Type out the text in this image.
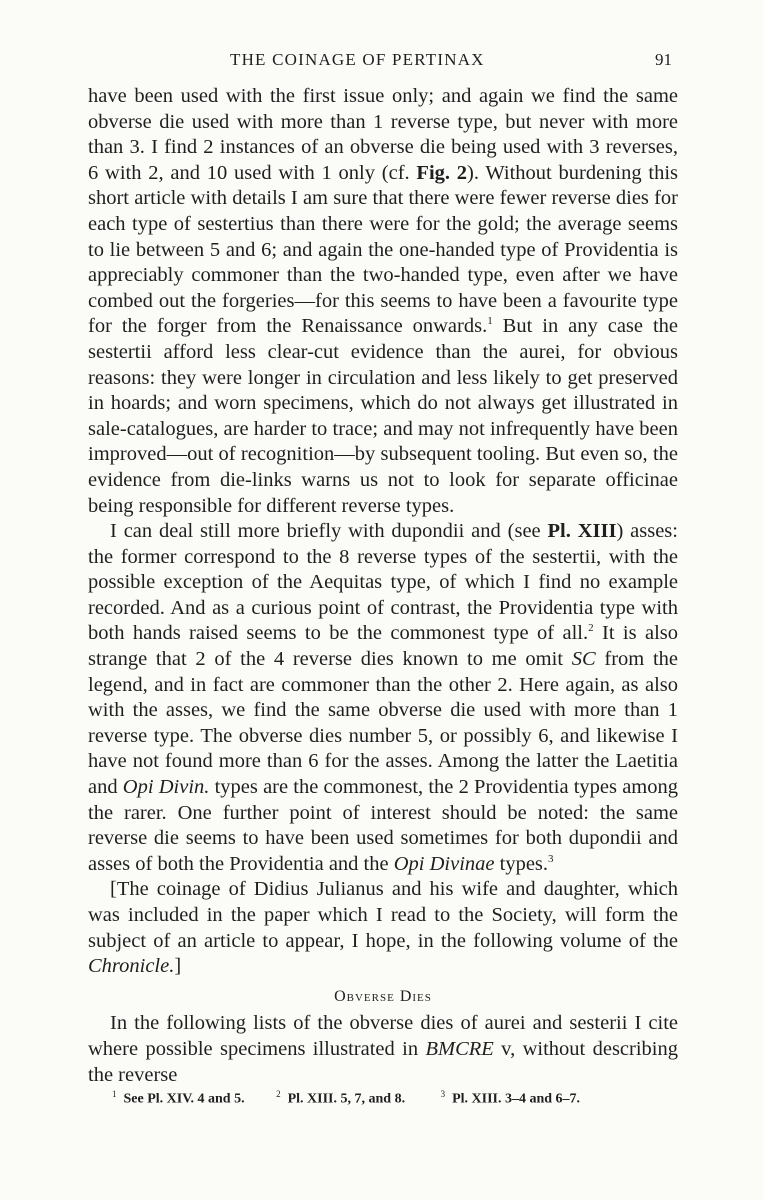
THE COINAGE OF PERTINAX	91

have been used with the first issue only; and again we find the same obverse die used with more than 1 reverse type, but never with more than 3. I find 2 instances of an obverse die being used with 3 reverses, 6 with 2, and 10 used with 1 only (cf. Fig. 2). Without burdening this short article with details I am sure that there were fewer reverse dies for each type of sestertius than there were for the gold; the average seems to lie between 5 and 6; and again the one-handed type of Providentia is appreciably commoner than the two-handed type, even after we have combed out the forgeries—for this seems to have been a favourite type for the forger from the Renaissance onwards.$^1$ But in any case the sestertii afford less clear-cut evidence than the aurei, for obvious reasons: they were longer in circulation and less likely to get preserved in hoards; and worn specimens, which do not always get illustrated in sale-catalogues, are harder to trace; and may not infrequently have been improved—out of recognition—by subsequent tooling. But even so, the evidence from die-links warns us not to look for separate officinae being responsible for different reverse types.

I can deal still more briefly with dupondii and (see Pl. XIII) asses: the former correspond to the 8 reverse types of the sestertii, with the possible exception of the Aequitas type, of which I find no example recorded. And as a curious point of contrast, the Providentia type with both hands raised seems to be the commonest type of all.$^2$ It is also strange that 2 of the 4 reverse dies known to me omit SC from the legend, and in fact are commoner than the other 2. Here again, as also with the asses, we find the same obverse die used with more than 1 reverse type. The obverse dies number 5, or possibly 6, and likewise I have not found more than 6 for the asses. Among the latter the Laetitia and Opi Divin. types are the commonest, the 2 Providentia types among the rarer. One further point of interest should be noted: the same reverse die seems to have been used sometimes for both dupondii and asses of both the Providentia and the Opi Divinae types.$^3$

[The coinage of Didius Julianus and his wife and daughter, which was included in the paper which I read to the Society, will form the subject of an article to appear, I hope, in the following volume of the Chronicle.]

Obverse Dies

In the following lists of the obverse dies of aurei and sesterii I cite where possible specimens illustrated in BMCRE v, without describing the reverse

$^1$ See Pl. XIV. 4 and 5.	$^2$ Pl. XIII. 5, 7, and 8.	$^3$ Pl. XIII. 3–4 and 6–7.
